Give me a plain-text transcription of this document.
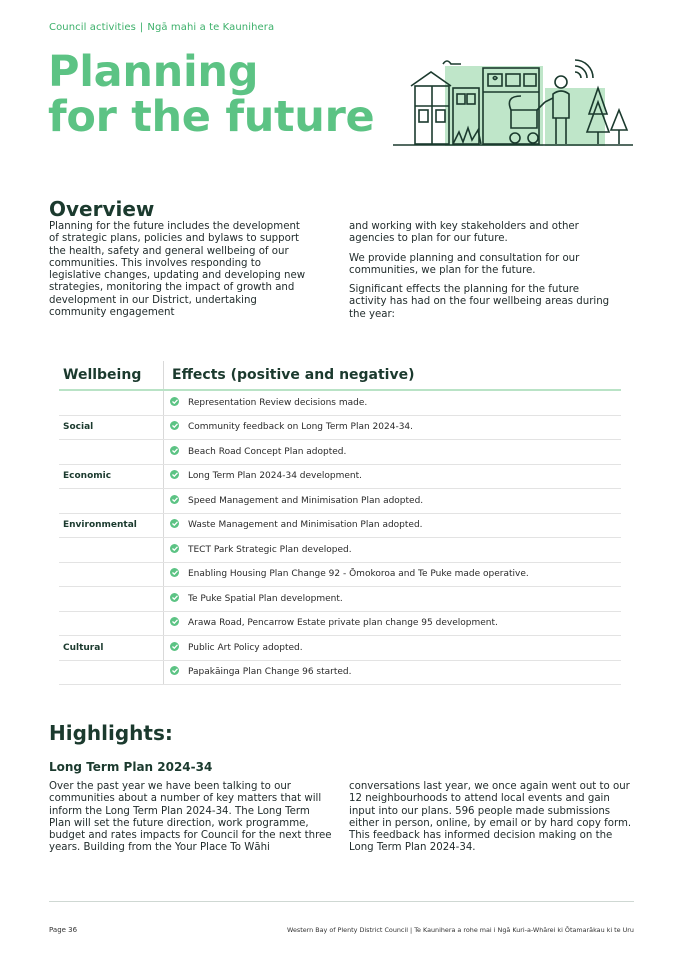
Council activities | Ngā mahi a te Kaunihera
Planning
for the future
Overview

Planning for the future includes the development of strategic plans, policies and bylaws to support the health, safety and general wellbeing of our communities. This involves responding to legislative changes, updating and developing new strategies, monitoring the impact of growth and development in our District, undertaking community engagement

and working with key stakeholders and other agencies to plan for our future.

We provide planning and consultation for our communities, we plan for the future.

Significant effects the planning for the future activity has had on the four wellbeing areas during the year:

Wellbeing	Effects (positive and negative)

Representation Review decisions made.
Social	Community feedback on Long Term Plan 2024-34.

Beach Road Concept Plan adopted.
Economic	Long Term Plan 2024-34 development.

Speed Management and Minimisation Plan adopted.
Environmental	Waste Management and Minimisation Plan adopted.

TECT Park Strategic Plan developed.

Enabling Housing Plan Change 92 - Ōmokoroa and Te Puke made operative.

Te Puke Spatial Plan development.

Arawa Road, Pencarrow Estate private plan change 95 development.
Cultural	Public Art Policy adopted.

Papakāinga Plan Change 96 started.
Highlights:
Long Term Plan 2024-34

Over the past year we have been talking to our communities about a number of key matters that will inform the Long Term Plan 2024-34. The Long Term Plan will set the future direction, work programme, budget and rates impacts for Council for the next three years. Building from the Your Place To Wāhi

conversations last year, we once again went out to our 12 neighbourhoods to attend local events and gain input into our plans. 596 people made submissions either in person, online, by email or by hard copy form. This feedback has informed decision making on the Long Term Plan 2024-34.

Page 36	Western Bay of Plenty District Council | Te Kaunihera a rohe mai i Ngā Kuri-a-Whārei ki Ōtamarākau ki te Uru
